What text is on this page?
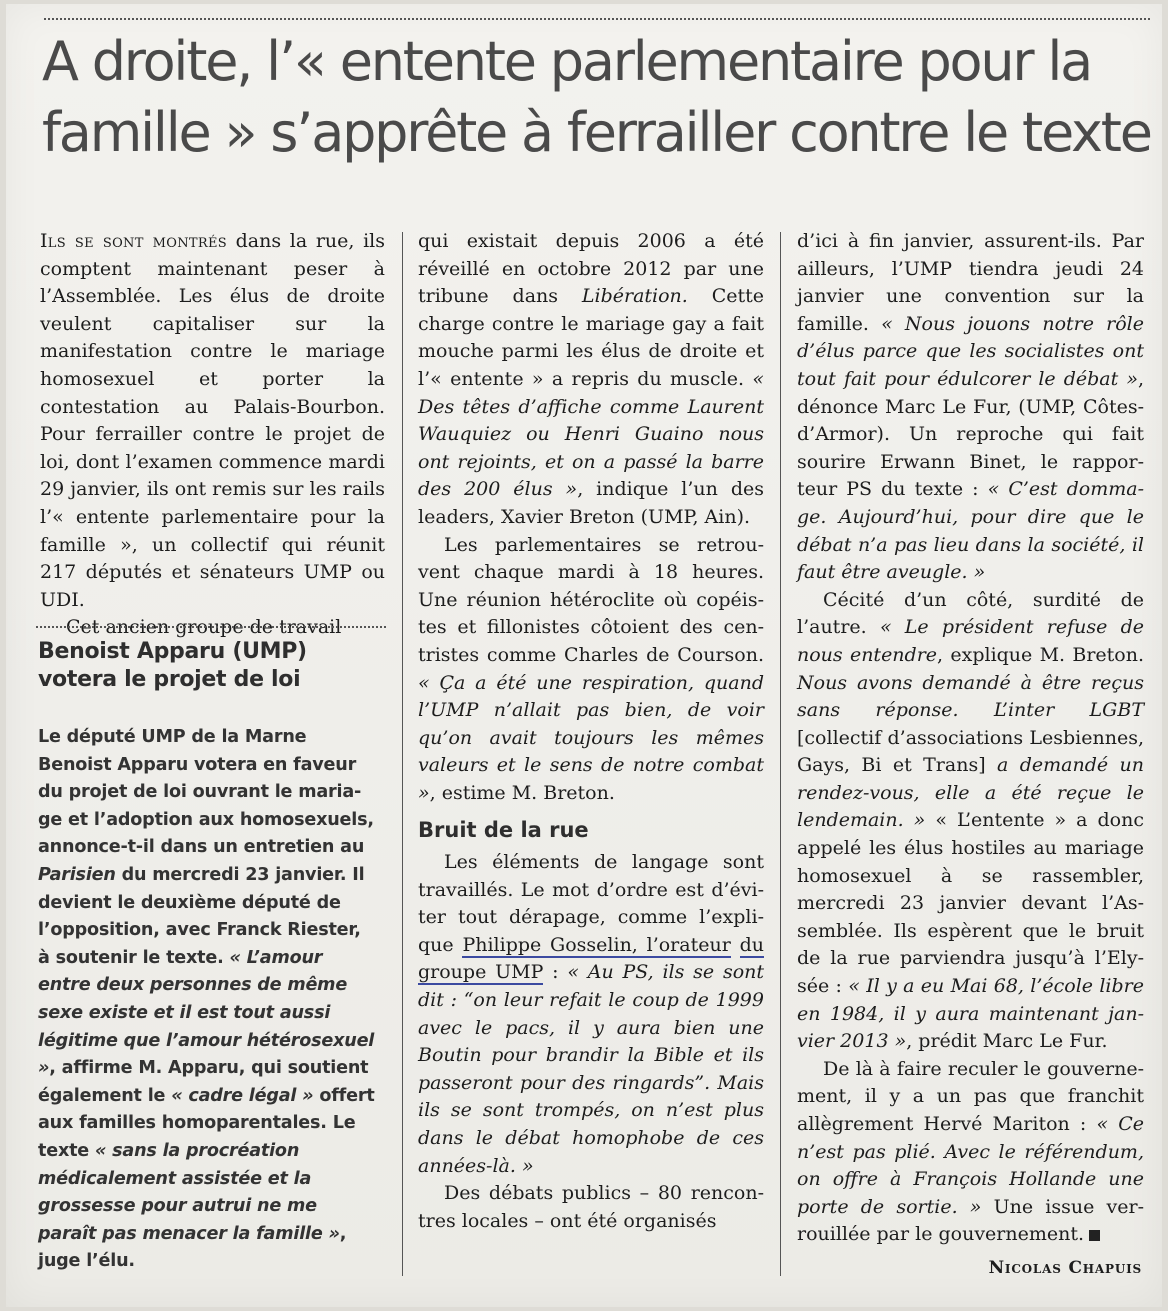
A droite, l’« entente parlementaire pour la famille » s’apprête à ferrailler contre le texte

Ils se sont montrés dans la rue, ils comptent maintenant peser à l’Assemblée. Les élus de droite veulent capitaliser sur la manifestation contre le mariage homosexuel et porter la contestation au Palais-Bourbon. Pour ferrailler contre le projet de loi, dont l’examen commence mardi 29 janvier, ils ont remis sur les rails l’« entente parlementaire pour la famille », un collectif qui réunit 217 députés et sénateurs UMP ou UDI.

Cet ancien groupe de travail

Benoist Apparu (UMP) votera le projet de loi

Le député UMP de la Marne Benoist Apparu votera en faveur du projet de loi ouvrant le mariage et l’adoption aux homosexuels, annonce-t-il dans un entretien au Parisien du mercredi 23 janvier. Il devient le deuxième député de l’opposition, avec Franck Riester, à soutenir le texte. « L’amour entre deux personnes de même sexe existe et il est tout aussi légitime que l’amour hétérosexuel », affirme M. Apparu, qui soutient également le « cadre légal » offert aux familles homoparentales. Le texte « sans la procréation médicalement assistée et la grossesse pour autrui ne me paraît pas menacer la famille », juge l’élu.

qui existait depuis 2006 a été réveillé en octobre 2012 par une tribune dans Libération. Cette charge contre le mariage gay a fait mouche parmi les élus de droite et l’« entente » a repris du muscle. « Des têtes d’affiche comme Laurent Wauquiez ou Henri Guaino nous ont rejoints, et on a passé la barre des 200 élus », indique l’un des leaders, Xavier Breton (UMP, Ain).

Les parlementaires se retrouvent chaque mardi à 18 heures. Une réunion hétéroclite où copéistes et fillonistes côtoient des centristes comme Charles de Courson. « Ça a été une respiration, quand l’UMP n’allait pas bien, de voir qu’on avait toujours les mêmes valeurs et le sens de notre combat », estime M. Breton.

Bruit de la rue

Les éléments de langage sont travaillés. Le mot d’ordre est d’éviter tout dérapage, comme l’explique Philippe Gosselin, l’orateur du groupe UMP : « Au PS, ils se sont dit : “on leur refait le coup de 1999 avec le pacs, il y aura bien une Boutin pour brandir la Bible et ils passeront pour des ringards”. Mais ils se sont trompés, on n’est plus dans le débat homophobe de ces années-là. »

Des débats publics – 80 rencontres locales – ont été organisés

d’ici à fin janvier, assurent-ils. Par ailleurs, l’UMP tiendra jeudi 24 janvier une convention sur la famille. « Nous jouons notre rôle d’élus parce que les socialistes ont tout fait pour édulcorer le débat », dénonce Marc Le Fur, (UMP, Côtes-d’Armor). Un reproche qui fait sourire Erwann Binet, le rapporteur PS du texte : « C’est dommage. Aujourd’hui, pour dire que le débat n’a pas lieu dans la société, il faut être aveugle. »

Cécité d’un côté, surdité de l’autre. « Le président refuse de nous entendre, explique M. Breton. Nous avons demandé à être reçus sans réponse. L’inter LGBT [collectif d’associations Lesbiennes, Gays, Bi et Trans] a demandé un rendez-vous, elle a été reçue le lendemain. » « L’entente » a donc appelé les élus hostiles au mariage homosexuel à se rassembler, mercredi 23 janvier devant l’Assemblée. Ils espèrent que le bruit de la rue parviendra jusqu’à l’Elysée : « Il y a eu Mai 68, l’école libre en 1984, il y aura maintenant janvier 2013 », prédit Marc Le Fur.

De là à faire reculer le gouvernement, il y a un pas que franchit allègrement Hervé Mariton : « Ce n’est pas plié. Avec le référendum, on offre à François Hollande une porte de sortie. » Une issue verrouillée par le gouvernement.

Nicolas Chapuis
